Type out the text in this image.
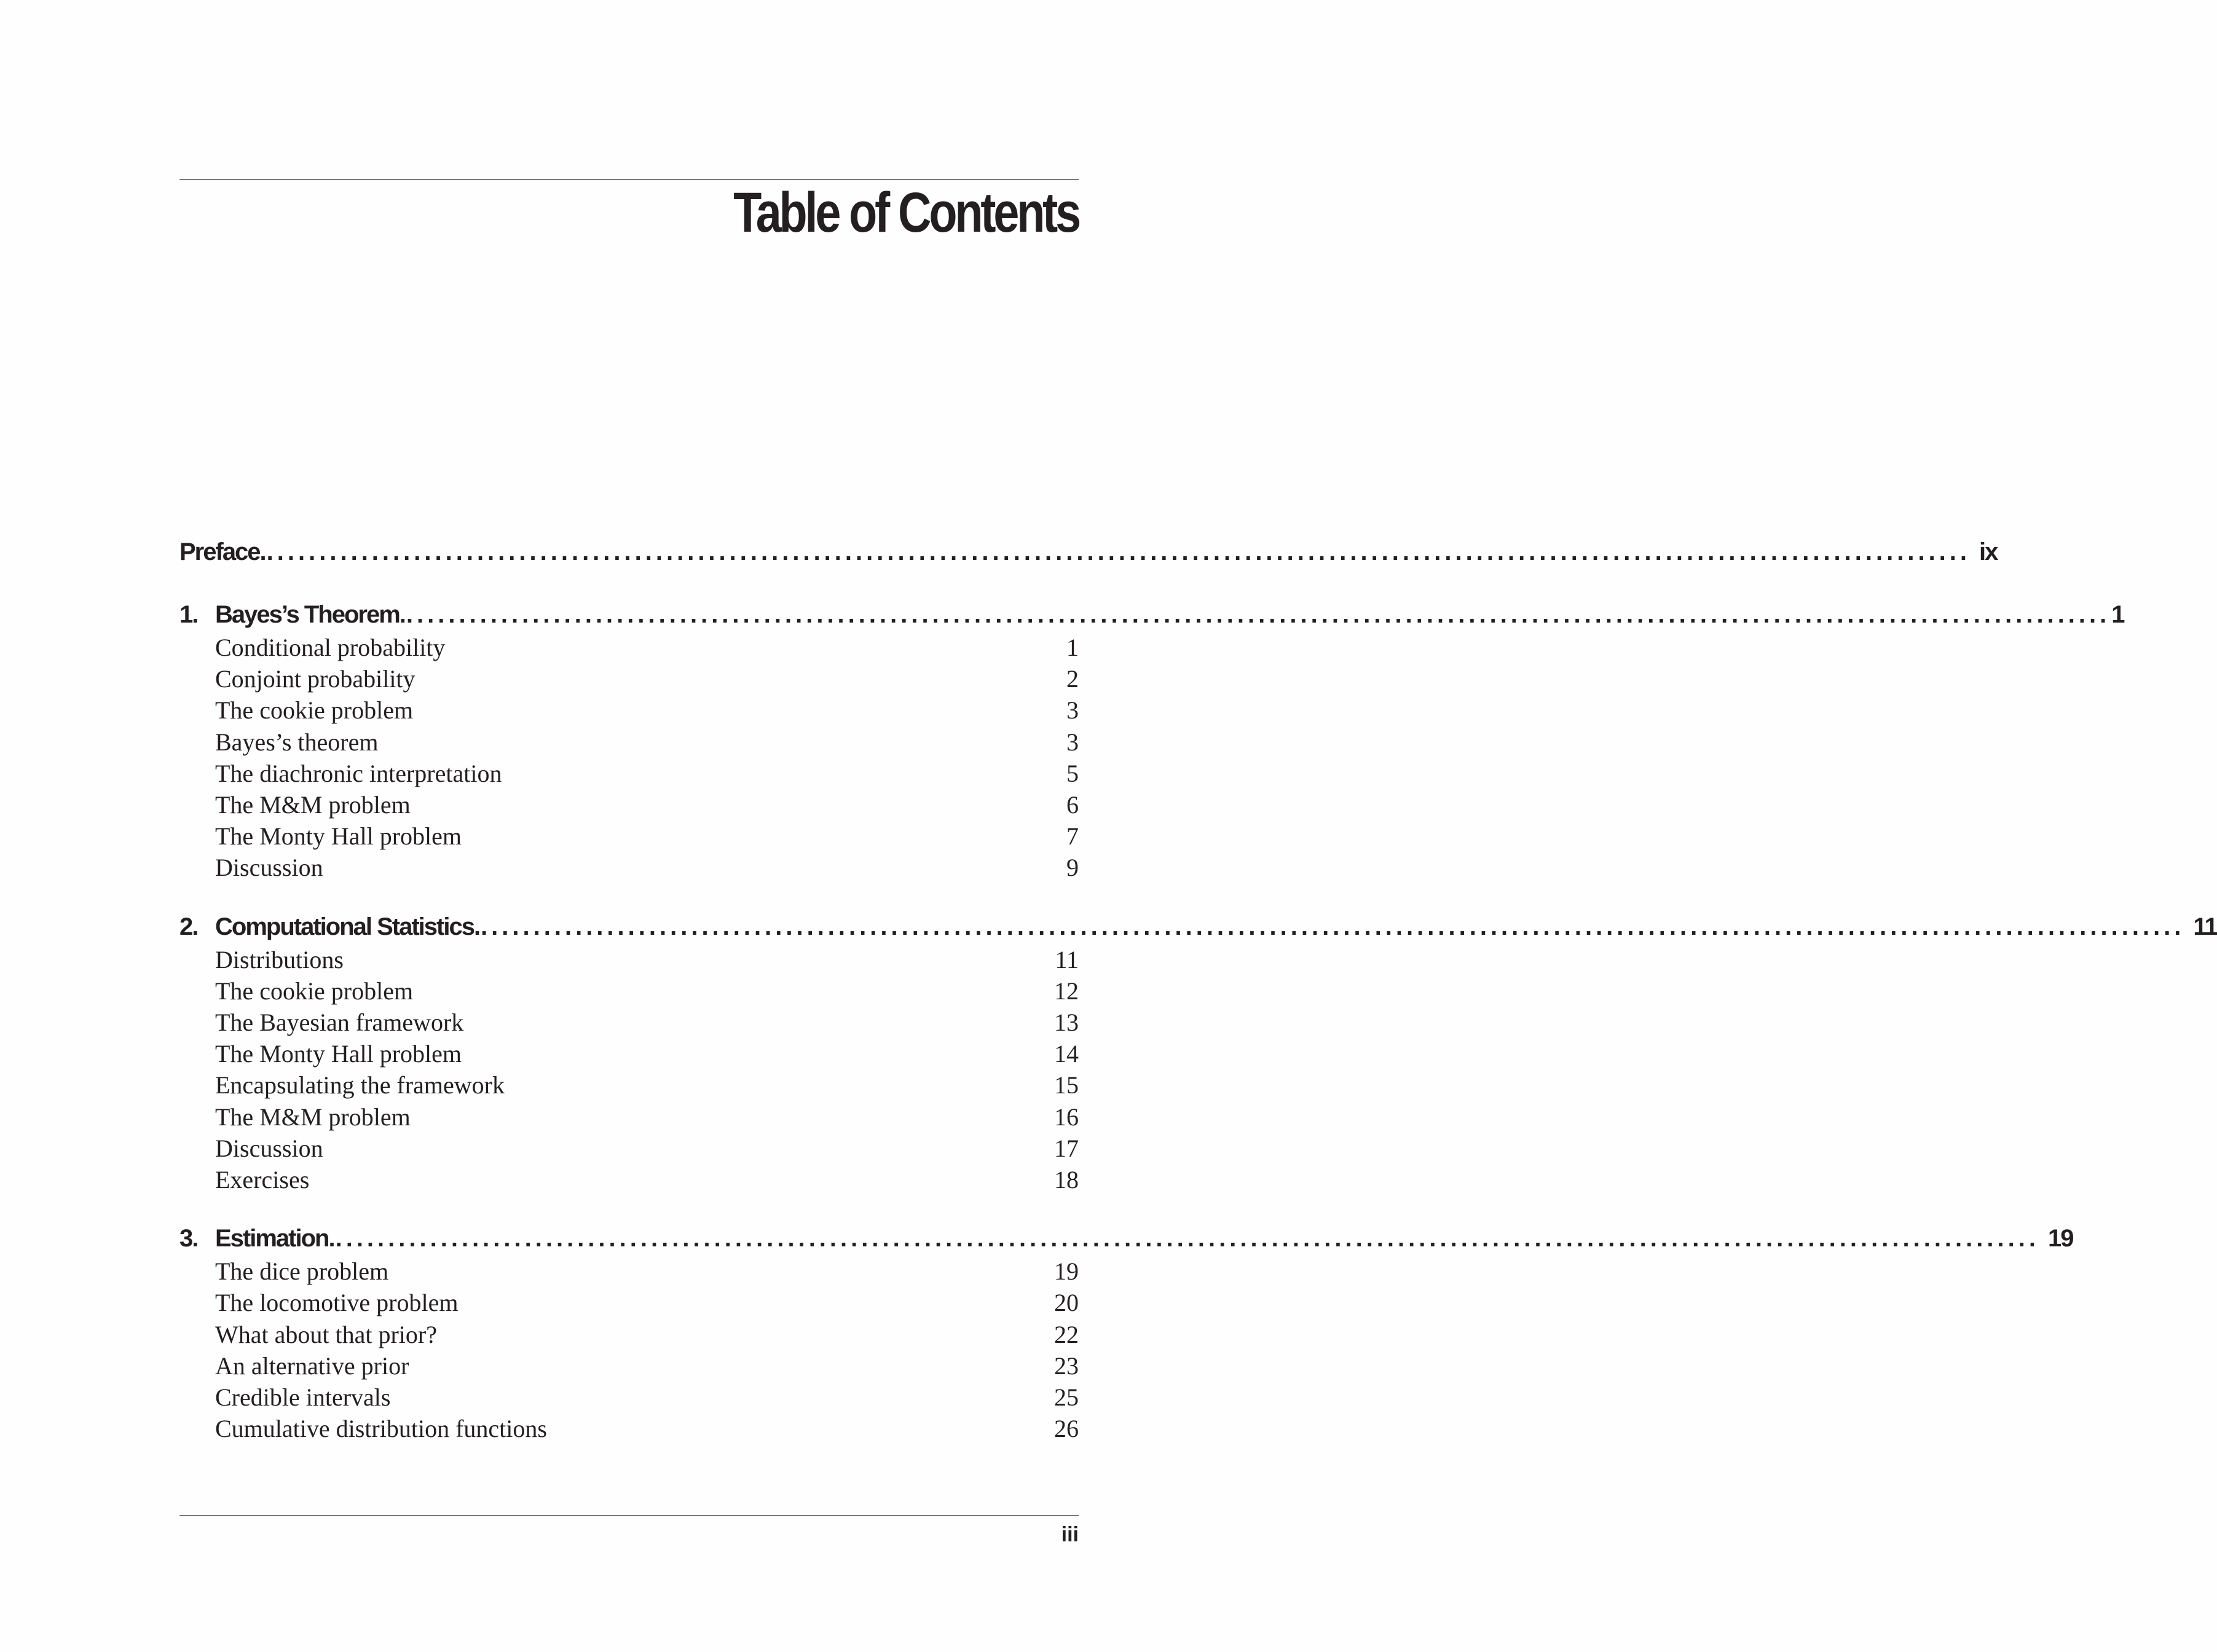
Table of Contents
Preface. .................................................................................................................................................................. ix
1. Bayes’s Theorem. .................................................................................................................................................................. 1
Conditional probability	1
Conjoint probability	2
The cookie problem	3
Bayes’s theorem	3
The diachronic interpretation	5
The M&M problem	6
The Monty Hall problem	7
Discussion	9
2. Computational Statistics. .................................................................................................................................................................. 11
Distributions	11
The cookie problem	12
The Bayesian framework	13
The Monty Hall problem	14
Encapsulating the framework	15
The M&M problem	16
Discussion	17
Exercises	18
3. Estimation. .................................................................................................................................................................. 19
The dice problem	19
The locomotive problem	20
What about that prior?	22
An alternative prior	23
Credible intervals	25
Cumulative distribution functions	26
iii
